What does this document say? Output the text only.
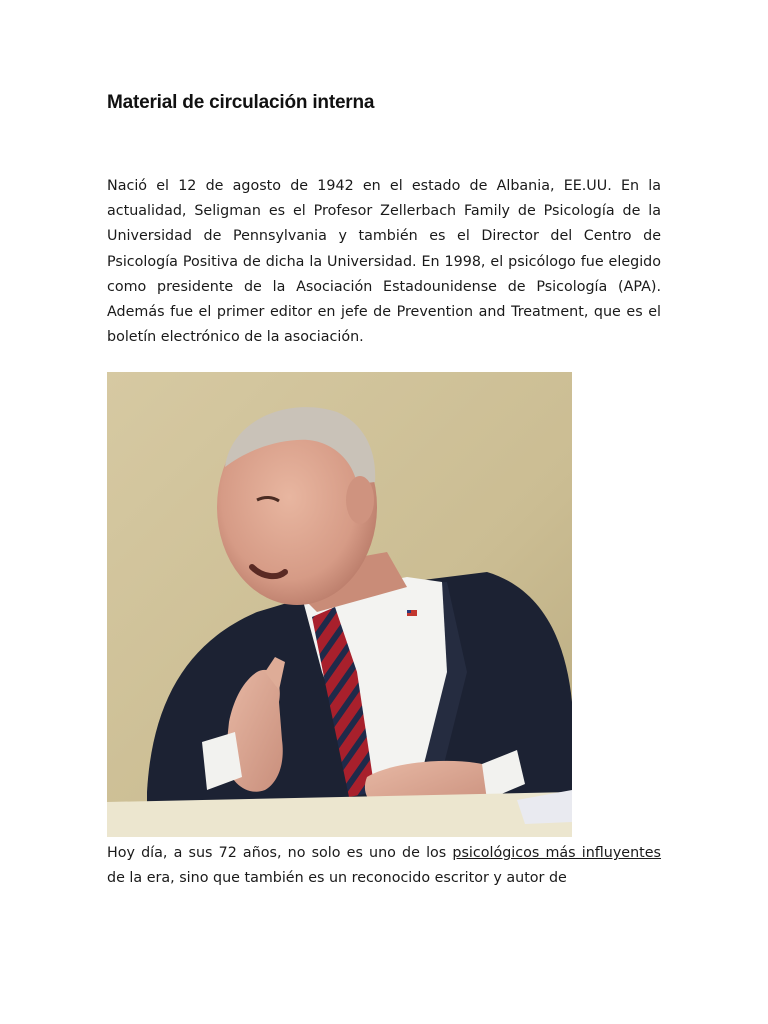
Material de circulación interna

Nació el 12 de agosto de 1942 en el estado de Albania, EE.UU. En la actualidad, Seligman es el Profesor Zellerbach Family de Psicología de la Universidad de Pennsylvania y también es el Director del Centro de Psicología Positiva de dicha la Universidad. En 1998, el psicólogo fue elegido como presidente de la Asociación Estadounidense de Psicología (APA). Además fue el primer editor en jefe de Prevention and Treatment, que es el boletín electrónico de la asociación.

Hoy día, a sus 72 años, no solo es uno de los psicológicos más influyentes de la era, sino que también es un reconocido escritor y autor de
